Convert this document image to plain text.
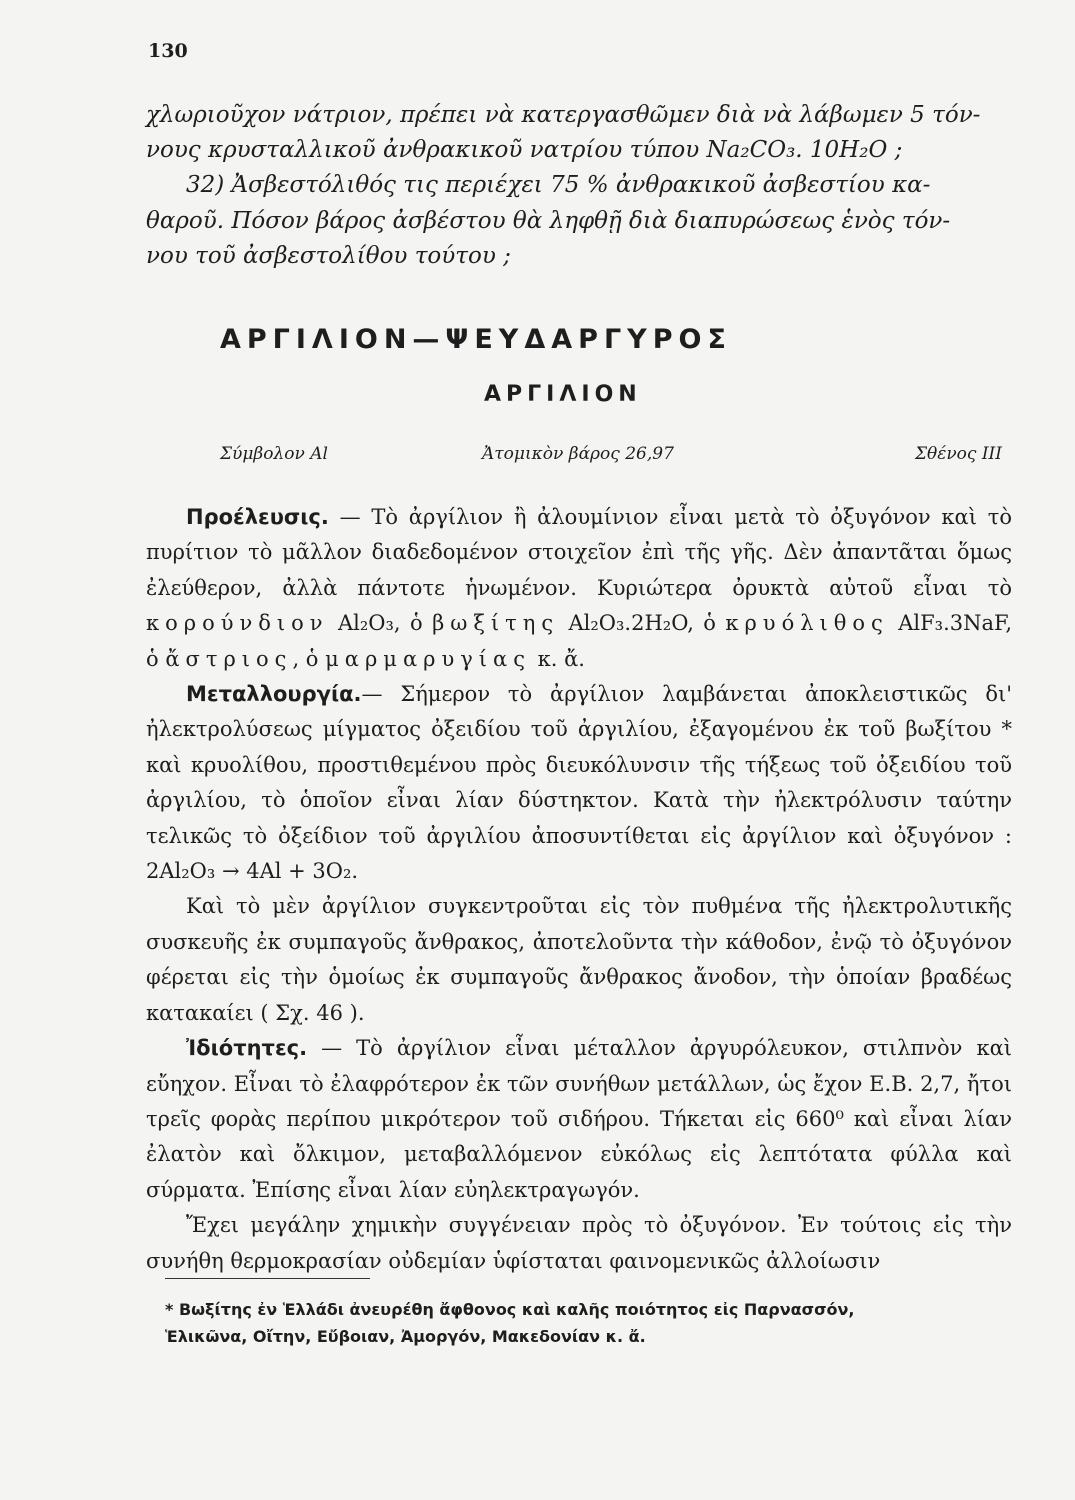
130

χλωριοῦχον νάτριον, πρέπει νὰ κατεργασθῶμεν διὰ νὰ λάβωμεν 5 τόν-

νους κρυσταλλικοῦ ἀνθρακικοῦ νατρίου τύπου Na₂CO₃. 10H₂O ;

32) Ἀσβεστόλιθός τις περιέχει 75 % ἀνθρακικοῦ ἀσβεστίου κα-

θαροῦ. Πόσον βάρος ἀσβέστου θὰ ληφθῇ διὰ διαπυρώσεως ἑνὸς τόν-

νου τοῦ ἀσβεστολίθου τούτου ;

ΑΡΓΙΛΙΟΝ—ΨΕΥΔΑΡΓΥΡΟΣ
ΑΡΓΙΛΙΟΝ
Σύμβολον Al	Ἀτομικὸν βάρος 26,97	Σθένος III

Προέλευσις. — Τὸ ἀργίλιον ἢ ἀλουμίνιον εἶναι μετὰ τὸ ὀξυγόνον καὶ τὸ πυρίτιον τὸ μᾶλλον διαδεδομένον στοιχεῖον ἐπὶ τῆς γῆς. Δὲν ἀπαντᾶται ὅμως ἐλεύθερον, ἀλλὰ πάντοτε ἡνωμένον. Κυριώτερα ὀρυκτὰ αὐτοῦ εἶναι τὸ κορούνδιον Al₂O₃, ὁ βωξίτης Al₂O₃.2H₂O, ὁ κρυόλιθος AlF₃.3NaF, ὁ ἄστριος, ὁ μαρμαρυγίας κ. ἄ.

Μεταλλουργία.— Σήμερον τὸ ἀργίλιον λαμβάνεται ἀποκλειστικῶς δι' ἠλεκτρολύσεως μίγματος ὀξειδίου τοῦ ἀργιλίου, ἐξαγομένου ἐκ τοῦ βωξίτου * καὶ κρυολίθου, προστιθεμένου πρὸς διευκόλυνσιν τῆς τήξεως τοῦ ὀξειδίου τοῦ ἀργιλίου, τὸ ὁποῖον εἶναι λίαν δύστηκτον. Κατὰ τὴν ἠλεκτρόλυσιν ταύτην τελικῶς τὸ ὀξείδιον τοῦ ἀργιλίου ἀποσυντίθεται εἰς ἀργίλιον καὶ ὀξυγόνον : 2Al₂O₃ → 4Al + 3O₂.

Καὶ τὸ μὲν ἀργίλιον συγκεντροῦται εἰς τὸν πυθμένα τῆς ἠλεκτρολυτικῆς συσκευῆς ἐκ συμπαγοῦς ἄνθρακος, ἀποτελοῦντα τὴν κάθοδον, ἐνῷ τὸ ὀξυγόνον φέρεται εἰς τὴν ὁμοίως ἐκ συμπαγοῦς ἄνθρακος ἄνοδον, τὴν ὁποίαν βραδέως κατακαίει ( Σχ. 46 ).

Ἰδιότητες. — Τὸ ἀργίλιον εἶναι μέταλλον ἀργυρόλευκον, στιλπνὸν καὶ εὔηχον. Εἶναι τὸ ἐλαφρότερον ἐκ τῶν συνήθων μετάλλων, ὡς ἔχον Ε.Β. 2,7, ἤτοι τρεῖς φορὰς περίπου μικρότερον τοῦ σιδήρου. Τήκεται εἰς 660⁰ καὶ εἶναι λίαν ἐλατὸν καὶ ὄλκιμον, μεταβαλλόμενον εὐκόλως εἰς λεπτότατα φύλλα καὶ σύρματα. Ἐπίσης εἶναι λίαν εὐηλεκτραγωγόν.

Ἔχει μεγάλην χημικὴν συγγένειαν πρὸς τὸ ὀξυγόνον. Ἐν τούτοις εἰς τὴν συνήθη θερμοκρασίαν οὐδεμίαν ὑφίσταται φαινομενικῶς ἀλλοίωσιν

* Βωξίτης ἐν Ἑλλάδι ἀνευρέθη ἄφθονος καὶ καλῆς ποιότητος εἰς Παρνασσόν,
Ἑλικῶνα, Οἴτην, Εὔβοιαν, Ἀμοργόν, Μακεδονίαν κ. ἄ.
